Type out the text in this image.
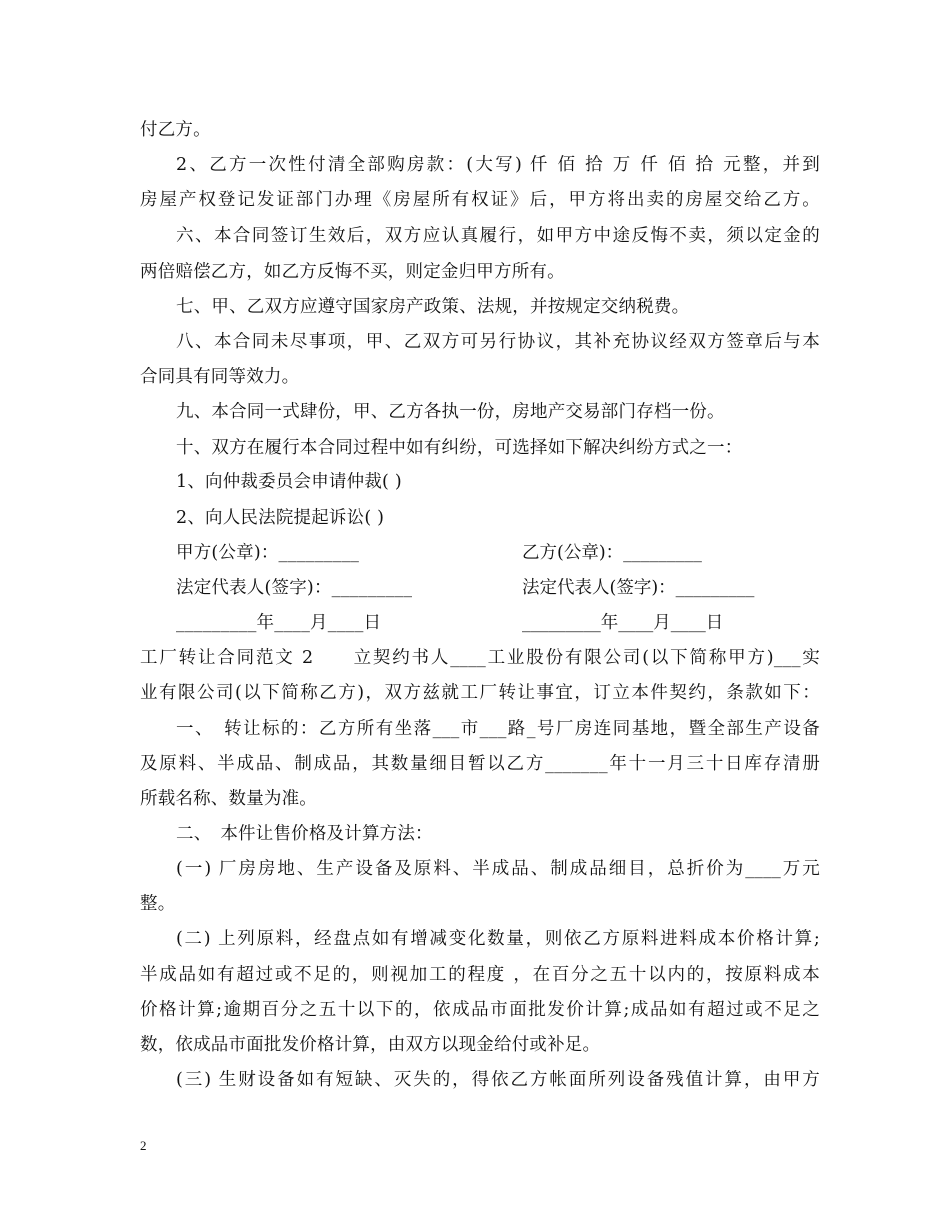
付乙方。
2、乙方一次性付清全部购房款：(大写) 仟 佰 拾 万 仟 佰 拾 元整，并到
房屋产权登记发证部门办理《房屋所有权证》后，甲方将出卖的房屋交给乙方。
六、本合同签订生效后，双方应认真履行，如甲方中途反悔不卖，须以定金的
两倍赔偿乙方，如乙方反悔不买，则定金归甲方所有。
七、甲、乙双方应遵守国家房产政策、法规，并按规定交纳税费。
八、本合同未尽事项，甲、乙双方可另行协议，其补充协议经双方签章后与本
合同具有同等效力。
九、本合同一式肆份，甲、乙方各执一份，房地产交易部门存档一份。
十、双方在履行本合同过程中如有纠纷，可选择如下解决纠纷方式之一：
1、向仲裁委员会申请仲裁( )
2、向人民法院提起诉讼( )
甲方(公章)：_________	乙方(公章)：_________
法定代表人(签字)：_________	法定代表人(签字)：_________
_________年____月____日	_________年____月____日
工厂转让合同范文 2　　立契约书人____工业股份有限公司(以下简称甲方)___实
业有限公司(以下简称乙方)，双方兹就工厂转让事宜，订立本件契约，条款如下：
一、　转让标的：乙方所有坐落___市___路_号厂房连同基地，暨全部生产设备
及原料、半成品、制成品，其数量细目暂以乙方_______年十一月三十日库存清册
所载名称、数量为准。
二、　本件让售价格及计算方法：
(一) 厂房房地、生产设备及原料、半成品、制成品细目，总折价为____万元
整。
(二) 上列原料，经盘点如有增减变化数量，则依乙方原料进料成本价格计算;
半成品如有超过或不足的，则视加工的程度 ，在百分之五十以内的，按原料成本
价格计算;逾期百分之五十以下的，依成品市面批发价计算;成品如有超过或不足之
数，依成品市面批发价格计算，由双方以现金给付或补足。
(三) 生财设备如有短缺、灭失的，得依乙方帐面所列设备残值计算，由甲方
2
